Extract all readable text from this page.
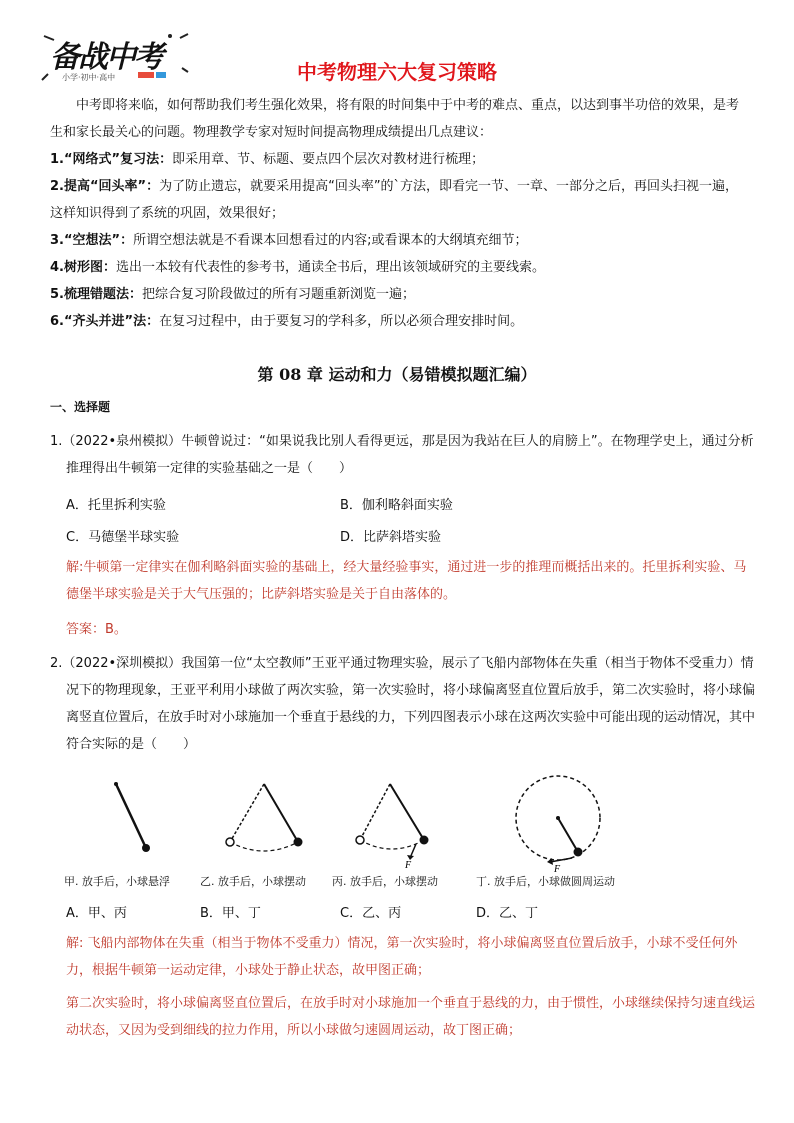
备战中考
小学·初中·高中	中考物理六大复习策略
中考即将来临，如何帮助我们考生强化效果，将有限的时间集中于中考的难点、重点，以达到事半功倍的效果，是考生和家长最关心的问题。物理教学专家对短时间提高物理成绩提出几点建议：
1.“网络式”复习法：即采用章、节、标题、要点四个层次对教材进行梳理；
2.提高“回头率”：为了防止遗忘，就要采用提高“回头率”的`方法，即看完一节、一章、一部分之后，再回头扫视一遍，这样知识得到了系统的巩固，效果很好；
3.“空想法”：所谓空想法就是不看课本回想看过的内容;或看课本的大纲填充细节；
4.树形图：选出一本较有代表性的参考书，通读全书后，理出该领域研究的主要线索。
5.梳理错题法：把综合复习阶段做过的所有习题重新浏览一遍；
6.“齐头并进”法：在复习过程中，由于要复习的学科多，所以必须合理安排时间。
第 08 章 运动和力（易错模拟题汇编）
一、选择题
1.（2022•泉州模拟）牛顿曾说过：“如果说我比别人看得更远，那是因为我站在巨人的肩膀上”。在物理学史上，通过分析推理得出牛顿第一定律的实验基础之一是（　　）
A．托里拆利实验	B．伽利略斜面实验
C．马德堡半球实验	D．比萨斜塔实验
解:牛顿第一定律实在伽利略斜面实验的基础上，经大量经验事实，通过进一步的推理而概括出来的。托里拆利实验、马德堡半球实验是关于大气压强的；比萨斜塔实验是关于自由落体的。
答案：B。
2.（2022•深圳模拟）我国第一位“太空教师”王亚平通过物理实验，展示了飞船内部物体在失重（相当于物体不受重力）情况下的物理现象，王亚平利用小球做了两次实验，第一次实验时，将小球偏离竖直位置后放手，第二次实验时，将小球偏离竖直位置后，在放手时对小球施加一个垂直于悬线的力，下列四图表示小球在这两次实验中可能出现的运动情况，其中符合实际的是（　　）
F	F
甲. 放手后，小球悬浮	乙. 放手后，小球摆动 丙. 放手后，小球摆动	丁. 放手后，小球做圆周运动
A．甲、丙	B．甲、丁	C．乙、丙	D．乙、丁
解: 飞船内部物体在失重（相当于物体不受重力）情况，第一次实验时，将小球偏离竖直位置后放手，小球不受任何外力，根据牛顿第一运动定律，小球处于静止状态，故甲图正确；
第二次实验时，将小球偏离竖直位置后，在放手时对小球施加一个垂直于悬线的力，由于惯性，小球继续保持匀速直线运动状态，又因为受到细线的拉力作用，所以小球做匀速圆周运动，故丁图正确；
